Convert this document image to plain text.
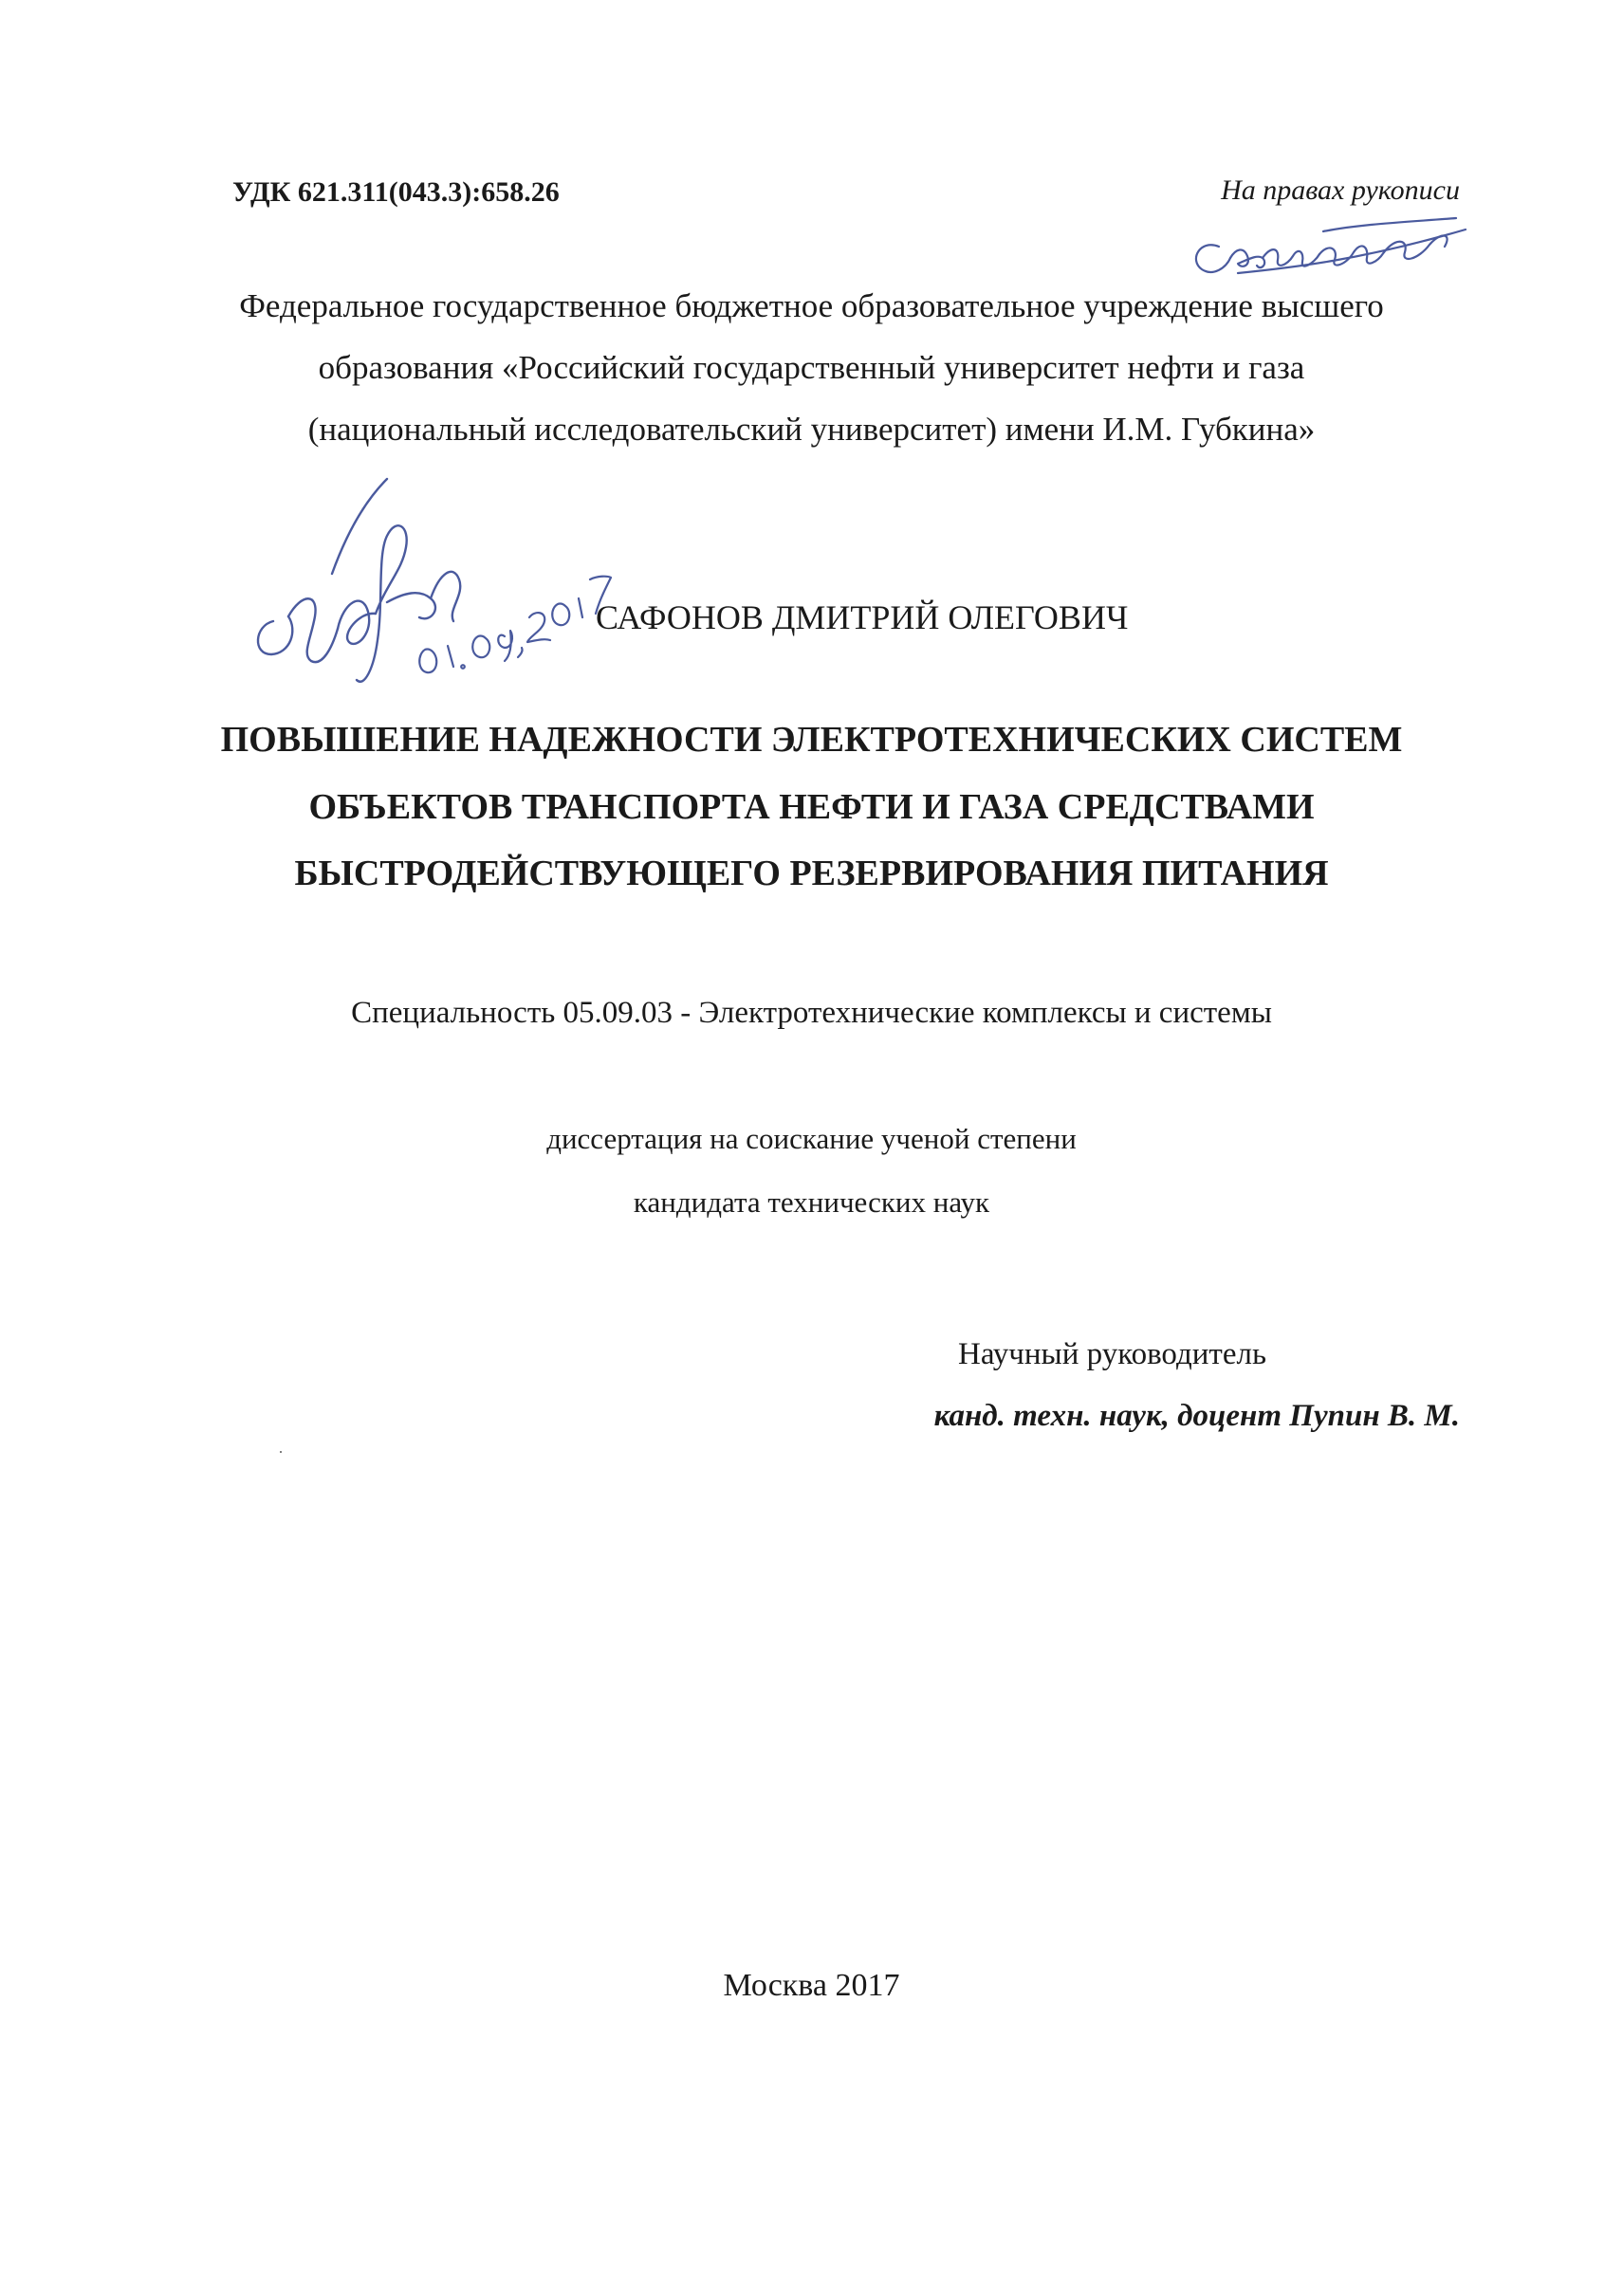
УДК 621.311(043.3):658.26	На правах рукописи
Федеральное государственное бюджетное образовательное учреждение высшего
образования «Российский государственный университет нефти и газа
(национальный исследовательский университет) имени И.М. Губкина»
САФОНОВ ДМИТРИЙ ОЛЕГОВИЧ
ПОВЫШЕНИЕ НАДЕЖНОСТИ ЭЛЕКТРОТЕХНИЧЕСКИХ СИСТЕМ
ОБЪЕКТОВ ТРАНСПОРТА НЕФТИ И ГАЗА СРЕДСТВАМИ
БЫСТРОДЕЙСТВУЮЩЕГО РЕЗЕРВИРОВАНИЯ ПИТАНИЯ
Специальность 05.09.03 - Электротехнические комплексы и системы
диссертация на соискание ученой степени
кандидата технических наук
Научный руководитель
канд. техн. наук, доцент Пупин В. М.
Москва 2017
